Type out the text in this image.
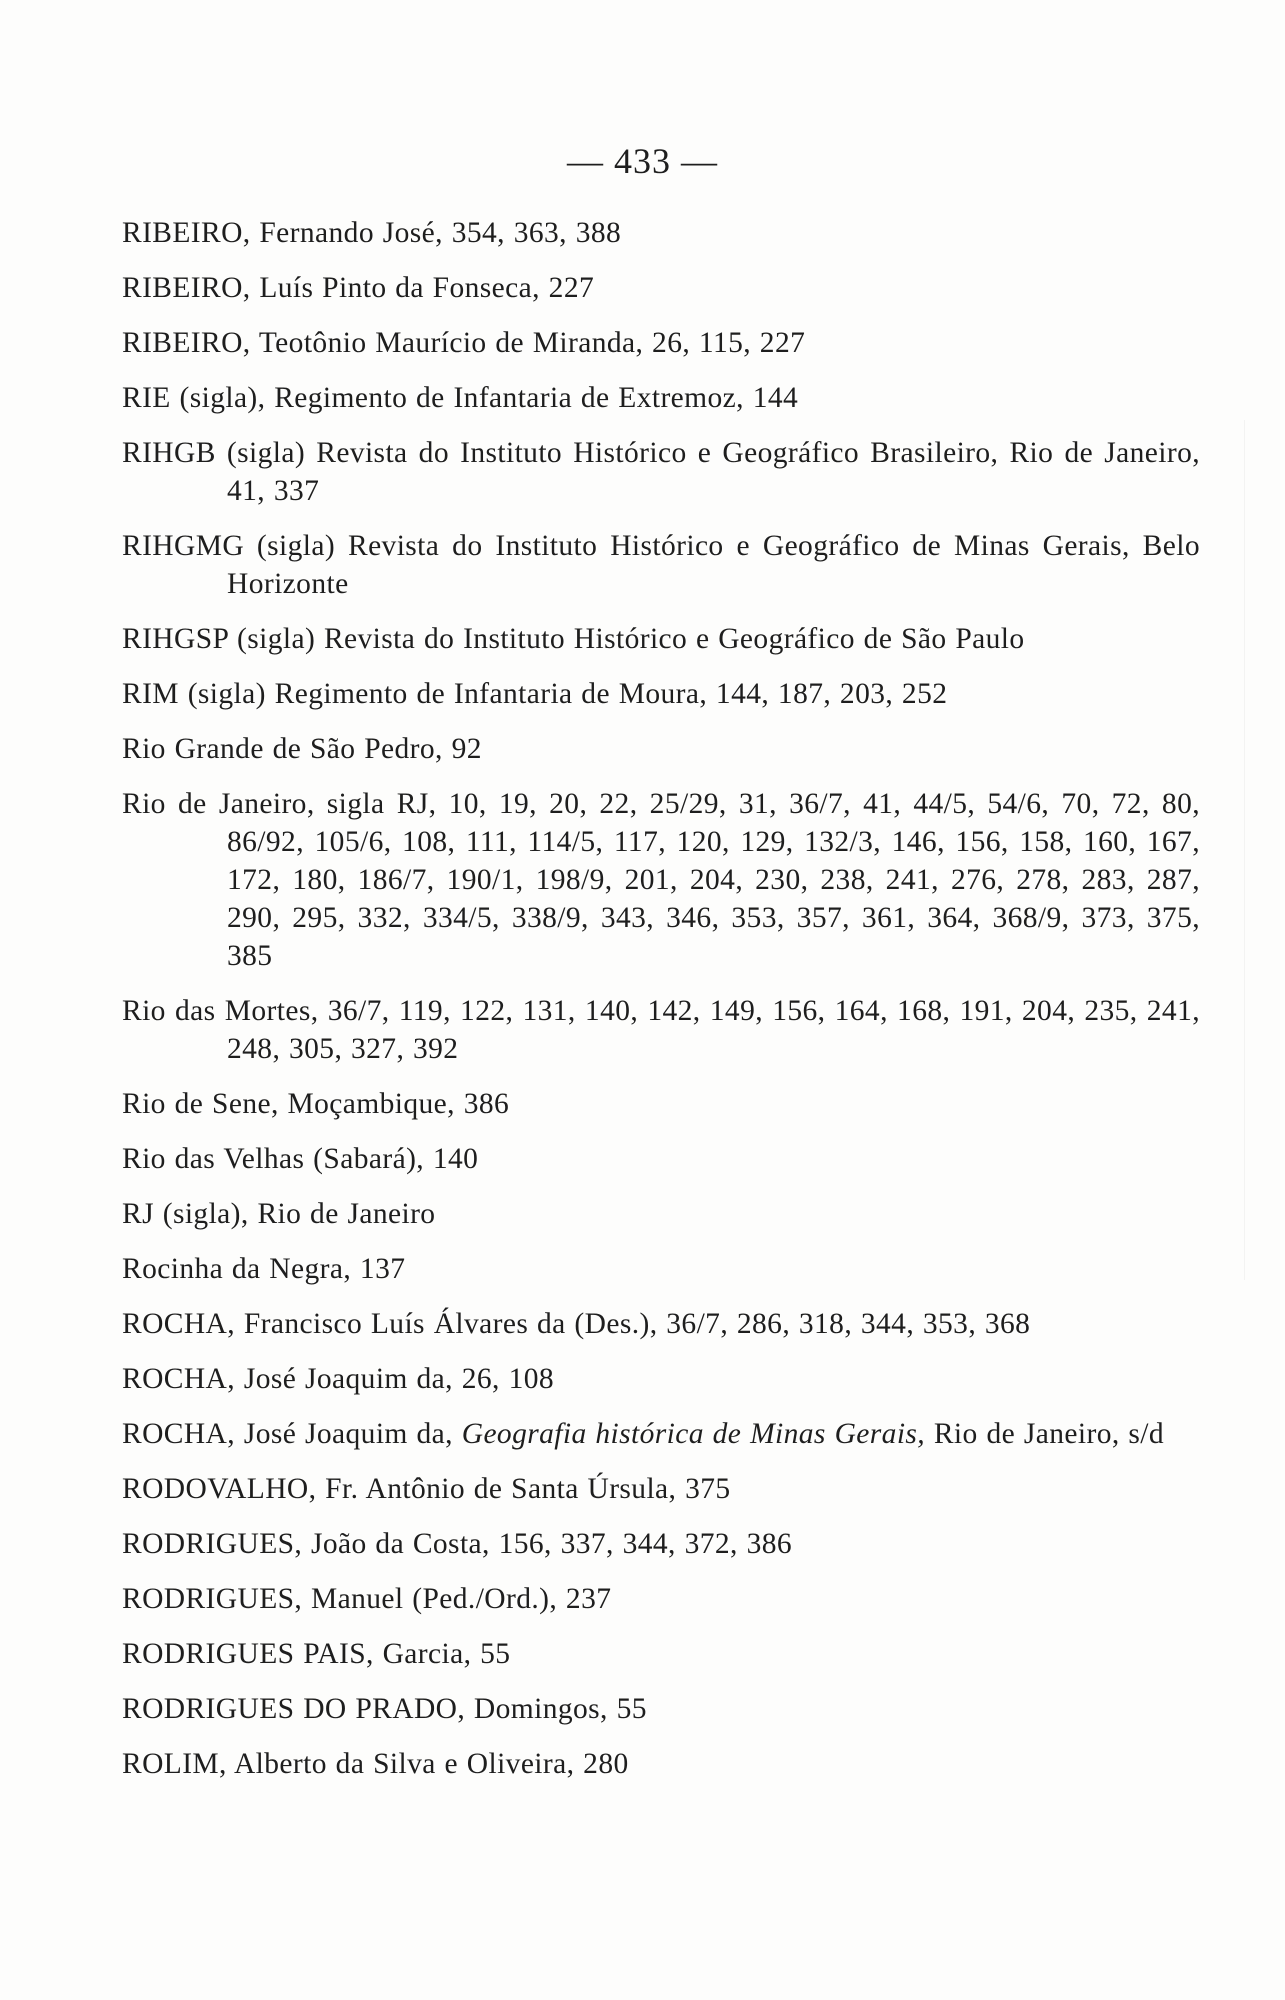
— 433 —
RIBEIRO, Fernando José, 354, 363, 388
RIBEIRO, Luís Pinto da Fonseca, 227
RIBEIRO, Teotônio Maurício de Miranda, 26, 115, 227
RIE (sigla), Regimento de Infantaria de Extremoz, 144
RIHGB (sigla) Revista do Instituto Histórico e Geográfico Brasileiro, Rio de Janeiro, 41, 337
RIHGMG (sigla) Revista do Instituto Histórico e Geográfico de Minas Gerais, Belo Horizonte
RIHGSP (sigla) Revista do Instituto Histórico e Geográfico de São Paulo
RIM (sigla) Regimento de Infantaria de Moura, 144, 187, 203, 252
Rio Grande de São Pedro, 92
Rio de Janeiro, sigla RJ, 10, 19, 20, 22, 25/29, 31, 36/7, 41, 44/5, 54/6, 70, 72, 80, 86/92, 105/6, 108, 111, 114/5, 117, 120, 129, 132/3, 146, 156, 158, 160, 167, 172, 180, 186/7, 190/1, 198/9, 201, 204, 230, 238, 241, 276, 278, 283, 287, 290, 295, 332, 334/5, 338/9, 343, 346, 353, 357, 361, 364, 368/9, 373, 375, 385
Rio das Mortes, 36/7, 119, 122, 131, 140, 142, 149, 156, 164, 168, 191, 204, 235, 241, 248, 305, 327, 392
Rio de Sene, Moçambique, 386
Rio das Velhas (Sabará), 140
RJ (sigla), Rio de Janeiro
Rocinha da Negra, 137
ROCHA, Francisco Luís Álvares da (Des.), 36/7, 286, 318, 344, 353, 368
ROCHA, José Joaquim da, 26, 108
ROCHA, José Joaquim da, Geografia histórica de Minas Gerais, Rio de Janeiro, s/d
RODOVALHO, Fr. Antônio de Santa Úrsula, 375
RODRIGUES, João da Costa, 156, 337, 344, 372, 386
RODRIGUES, Manuel (Ped./Ord.), 237
RODRIGUES PAIS, Garcia, 55
RODRIGUES DO PRADO, Domingos, 55
ROLIM, Alberto da Silva e Oliveira, 280
